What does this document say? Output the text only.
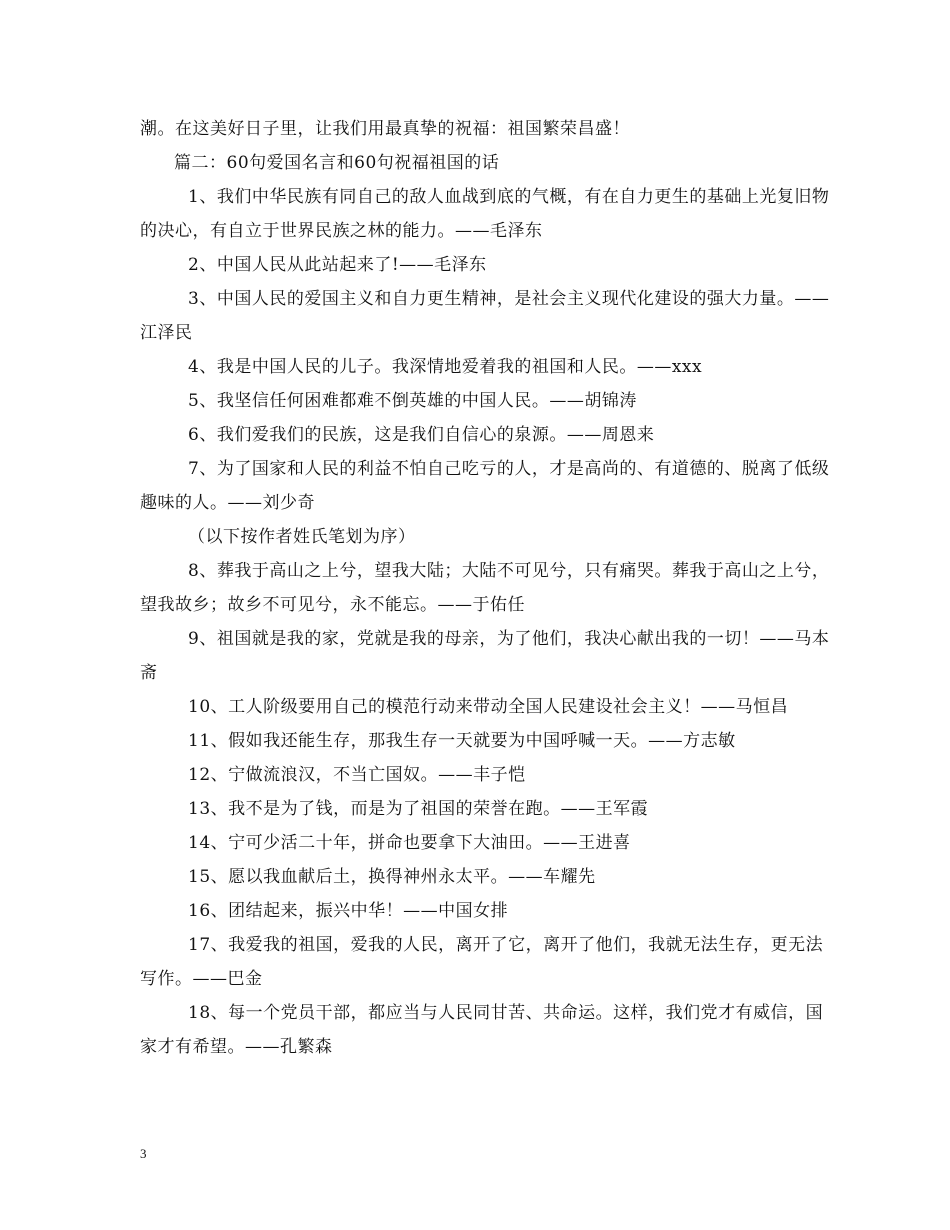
潮。在这美好日子里，让我们用最真挚的祝福：祖国繁荣昌盛！

篇二：60句爱国名言和60句祝福祖国的话

1、我们中华民族有同自己的敌人血战到底的气概，有在自力更生的基础上光复旧物的决心，有自立于世界民族之林的能力。——毛泽东

2、中国人民从此站起来了!——毛泽东

3、中国人民的爱国主义和自力更生精神，是社会主义现代化建设的强大力量。——江泽民

4、我是中国人民的儿子。我深情地爱着我的祖国和人民。——xxx

5、我坚信任何困难都难不倒英雄的中国人民。——胡锦涛

6、我们爱我们的民族，这是我们自信心的泉源。——周恩来

7、为了国家和人民的利益不怕自己吃亏的人，才是高尚的、有道德的、脱离了低级趣味的人。——刘少奇

（以下按作者姓氏笔划为序）

8、葬我于高山之上兮，望我大陆；大陆不可见兮，只有痛哭。葬我于高山之上兮，望我故乡；故乡不可见兮，永不能忘。——于佑任

9、祖国就是我的家，党就是我的母亲，为了他们，我决心献出我的一切！——马本斋

10、工人阶级要用自己的模范行动来带动全国人民建设社会主义！——马恒昌

11、假如我还能生存，那我生存一天就要为中国呼喊一天。——方志敏

12、宁做流浪汉，不当亡国奴。——丰子恺

13、我不是为了钱，而是为了祖国的荣誉在跑。——王军霞

14、宁可少活二十年，拼命也要拿下大油田。——王进喜

15、愿以我血献后土，换得神州永太平。——车耀先

16、团结起来，振兴中华！——中国女排

17、我爱我的祖国，爱我的人民，离开了它，离开了他们，我就无法生存，更无法写作。——巴金

18、每一个党员干部，都应当与人民同甘苦、共命运。这样，我们党才有威信，国家才有希望。——孔繁森

3
